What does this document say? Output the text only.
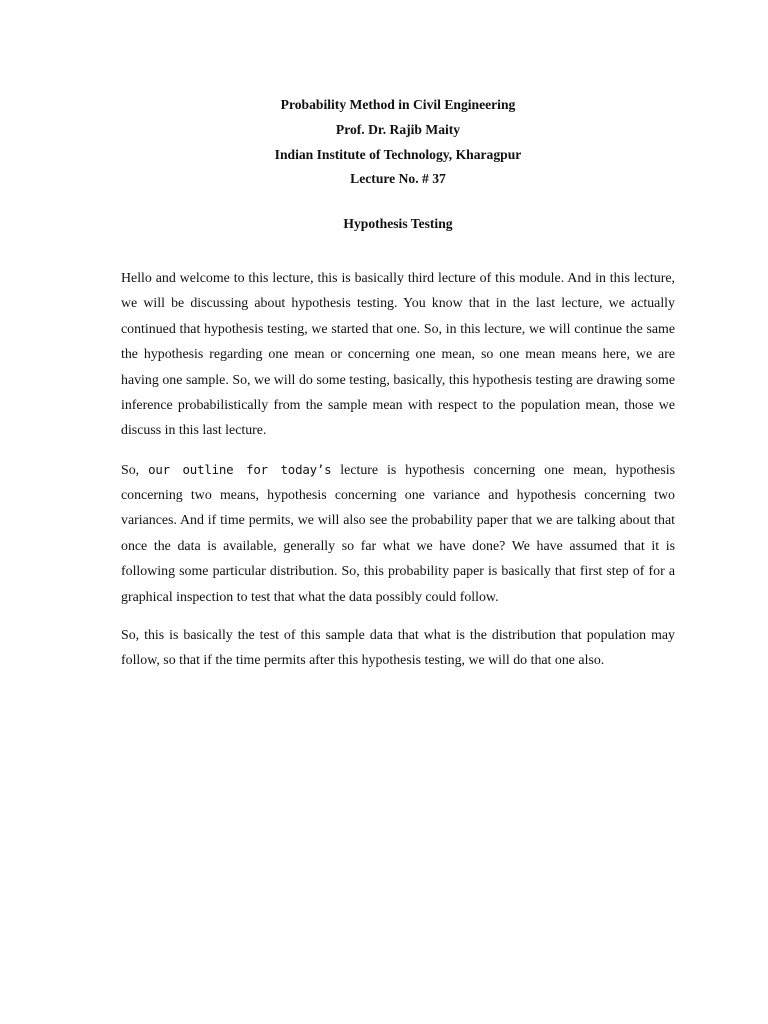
Probability Method in Civil Engineering
Prof. Dr. Rajib Maity
Indian Institute of Technology, Kharagpur
Lecture No. # 37
Hypothesis Testing

Hello and welcome to this lecture, this is basically third lecture of this module. And in this lecture, we will be discussing about hypothesis testing. You know that in the last lecture, we actually continued that hypothesis testing, we started that one. So, in this lecture, we will continue the same the hypothesis regarding one mean or concerning one mean, so one mean means here, we are having one sample. So, we will do some testing, basically, this hypothesis testing are drawing some inference probabilistically from the sample mean with respect to the population mean, those we discuss in this last lecture.

So, our outline for today’s lecture is hypothesis concerning one mean, hypothesis concerning two means, hypothesis concerning one variance and hypothesis concerning two variances. And if time permits, we will also see the probability paper that we are talking about that once the data is available, generally so far what we have done? We have assumed that it is following some particular distribution. So, this probability paper is basically that first step of for a graphical inspection to test that what the data possibly could follow.

So, this is basically the test of this sample data that what is the distribution that population may follow, so that if the time permits after this hypothesis testing, we will do that one also.
